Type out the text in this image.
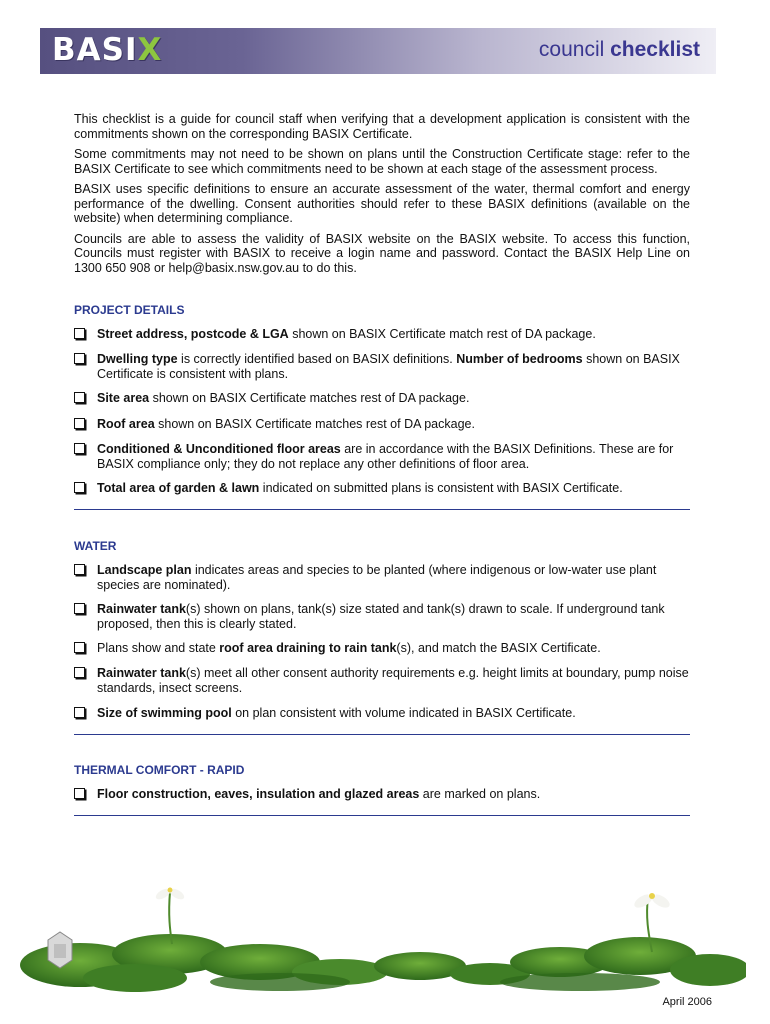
BASIX	council checklist

This checklist is a guide for council staff when verifying that a development application is consistent with the commitments shown on the corresponding BASIX Certificate.

Some commitments may not need to be shown on plans until the Construction Certificate stage: refer to the BASIX Certificate to see which commitments need to be shown at each stage of the assessment process.

BASIX uses specific definitions to ensure an accurate assessment of the water, thermal comfort and energy performance of the dwelling. Consent authorities should refer to these BASIX definitions (available on the website) when determining compliance.

Councils are able to assess the validity of BASIX website on the BASIX website. To access this function, Councils must register with BASIX to receive a login name and password. Contact the BASIX Help Line on 1300 650 908 or help@basix.nsw.gov.au to do this.

PROJECT DETAILS
Street address, postcode & LGA shown on BASIX Certificate match rest of DA package.
Dwelling type is correctly identified based on BASIX definitions. Number of bedrooms shown on BASIX Certificate is consistent with plans.
Site area shown on BASIX Certificate matches rest of DA package.
Roof area shown on BASIX Certificate matches rest of DA package.
Conditioned & Unconditioned floor areas are in accordance with the BASIX Definitions. These are for BASIX compliance only; they do not replace any other definitions of floor area.
Total area of garden & lawn indicated on submitted plans is consistent with BASIX Certificate.
WATER
Landscape plan indicates areas and species to be planted (where indigenous or low-water use plant species are nominated).
Rainwater tank(s) shown on plans, tank(s) size stated and tank(s) drawn to scale. If underground tank proposed, then this is clearly stated.
Plans show and state roof area draining to rain tank(s), and match the BASIX Certificate.
Rainwater tank(s) meet all other consent authority requirements e.g. height limits at boundary, pump noise standards, insect screens.
Size of swimming pool on plan consistent with volume indicated in BASIX Certificate.
THERMAL COMFORT - RAPID
Floor construction, eaves, insulation and glazed areas are marked on plans.
April 2006
